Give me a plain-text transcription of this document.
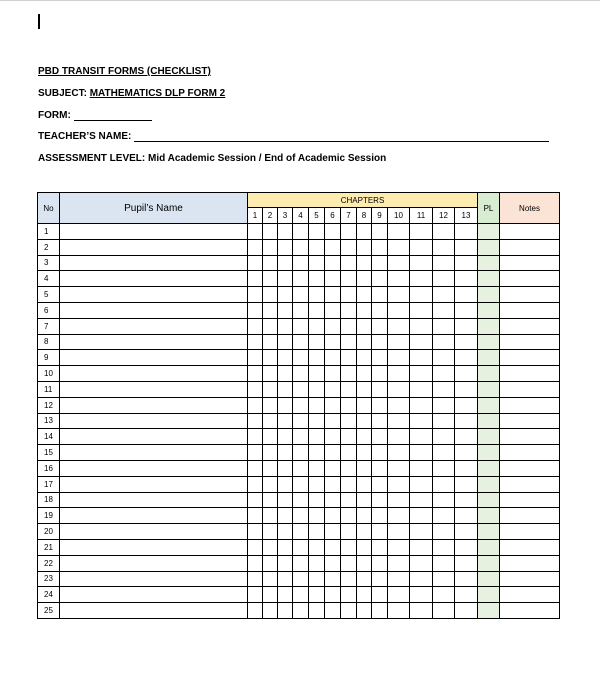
PBD TRANSIT FORMS (CHECKLIST)
SUBJECT: MATHEMATICS DLP FORM 2
FORM:
TEACHER’S NAME:
ASSESSMENT LEVEL: Mid Academic Session / End of Academic Session
No	Pupil’s Name	CHAPTERS													PL	Notes
		1	2	3	4	5	6	7	8	9	10	11	12	13		
1																
2																
3																
4																
5																
6																
7																
8																
9																
10																
11																
12																
13																
14																
15																
16																
17																
18																
19																
20																
21																
22																
23																
24																
25																
